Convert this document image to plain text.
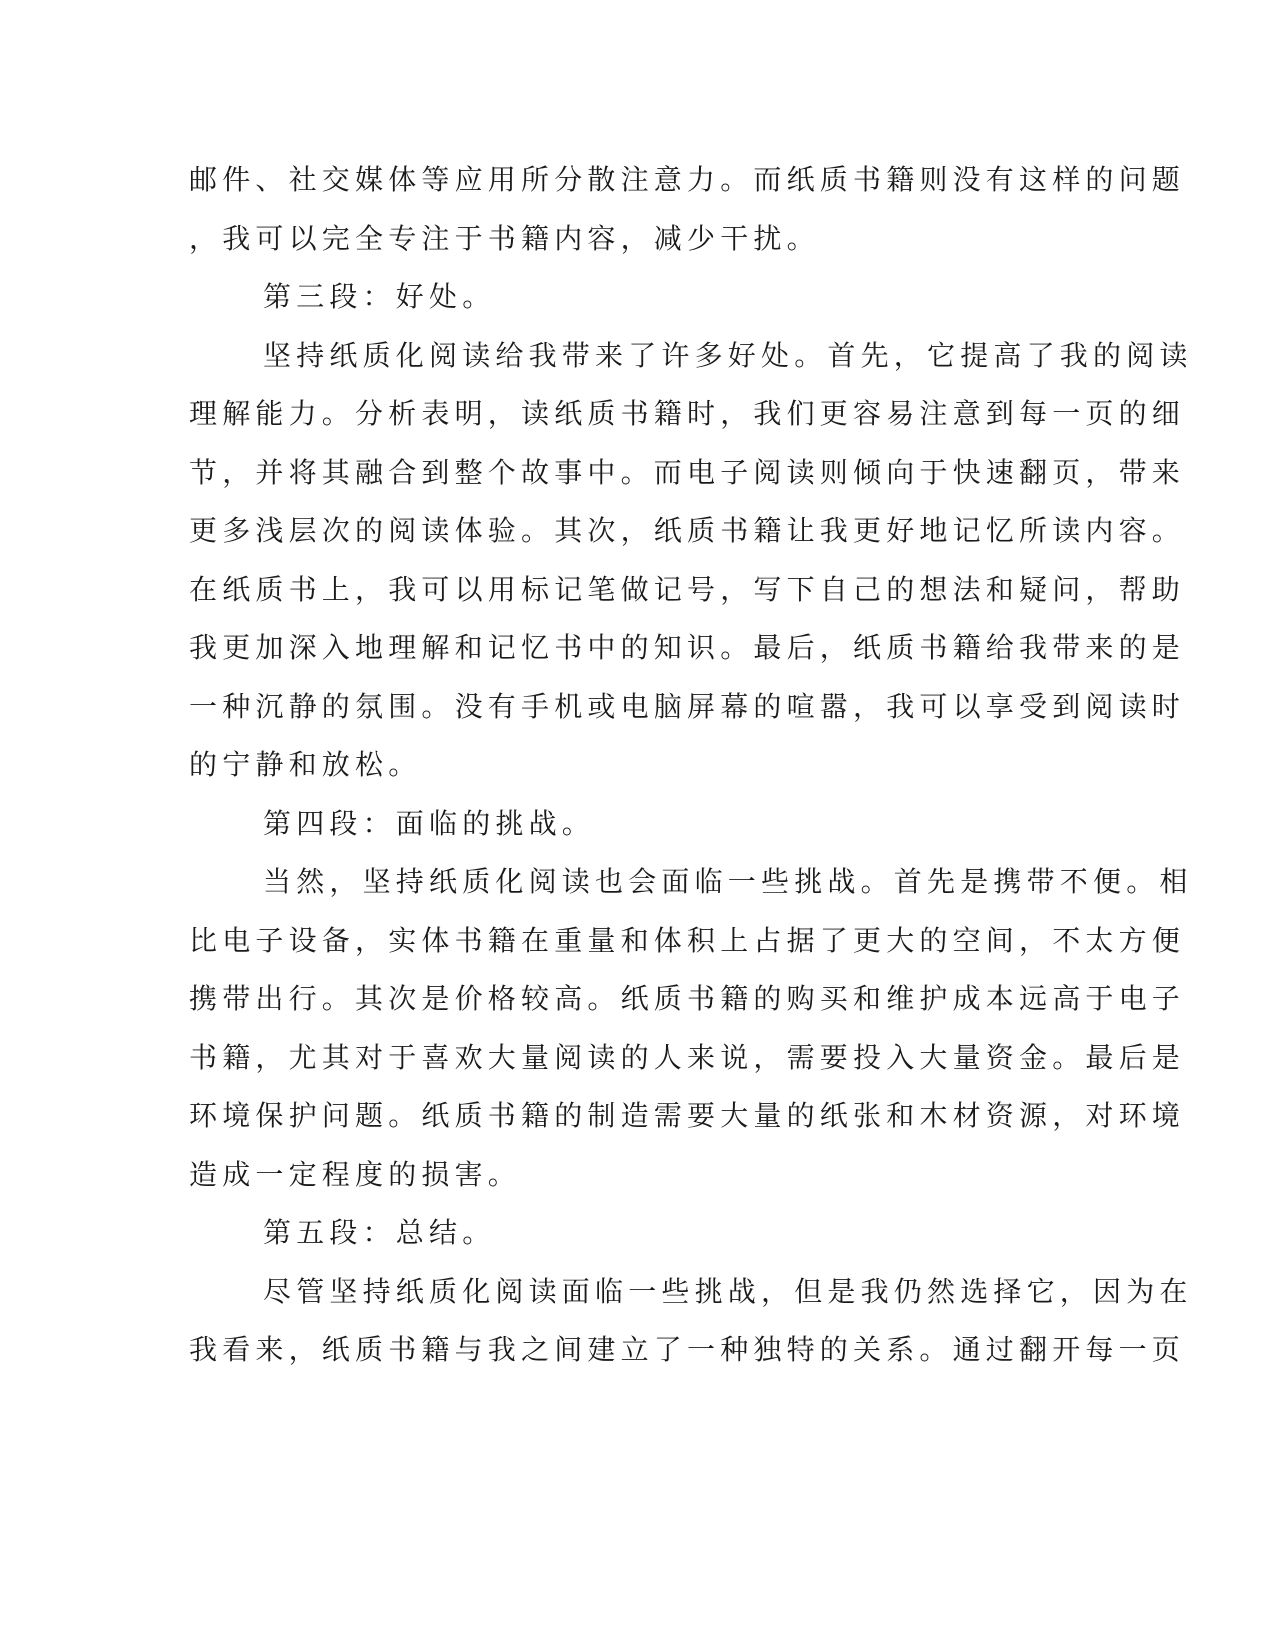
邮件、社交媒体等应用所分散注意力。而纸质书籍则没有这样的问题
，我可以完全专注于书籍内容，减少干扰。
第三段：好处。
坚持纸质化阅读给我带来了许多好处。首先，它提高了我的阅读
理解能力。分析表明，读纸质书籍时，我们更容易注意到每一页的细
节，并将其融合到整个故事中。而电子阅读则倾向于快速翻页，带来
更多浅层次的阅读体验。其次，纸质书籍让我更好地记忆所读内容。
在纸质书上，我可以用标记笔做记号，写下自己的想法和疑问，帮助
我更加深入地理解和记忆书中的知识。最后，纸质书籍给我带来的是
一种沉静的氛围。没有手机或电脑屏幕的喧嚣，我可以享受到阅读时
的宁静和放松。
第四段：面临的挑战。
当然，坚持纸质化阅读也会面临一些挑战。首先是携带不便。相
比电子设备，实体书籍在重量和体积上占据了更大的空间，不太方便
携带出行。其次是价格较高。纸质书籍的购买和维护成本远高于电子
书籍，尤其对于喜欢大量阅读的人来说，需要投入大量资金。最后是
环境保护问题。纸质书籍的制造需要大量的纸张和木材资源，对环境
造成一定程度的损害。
第五段：总结。
尽管坚持纸质化阅读面临一些挑战，但是我仍然选择它，因为在
我看来，纸质书籍与我之间建立了一种独特的关系。通过翻开每一页
